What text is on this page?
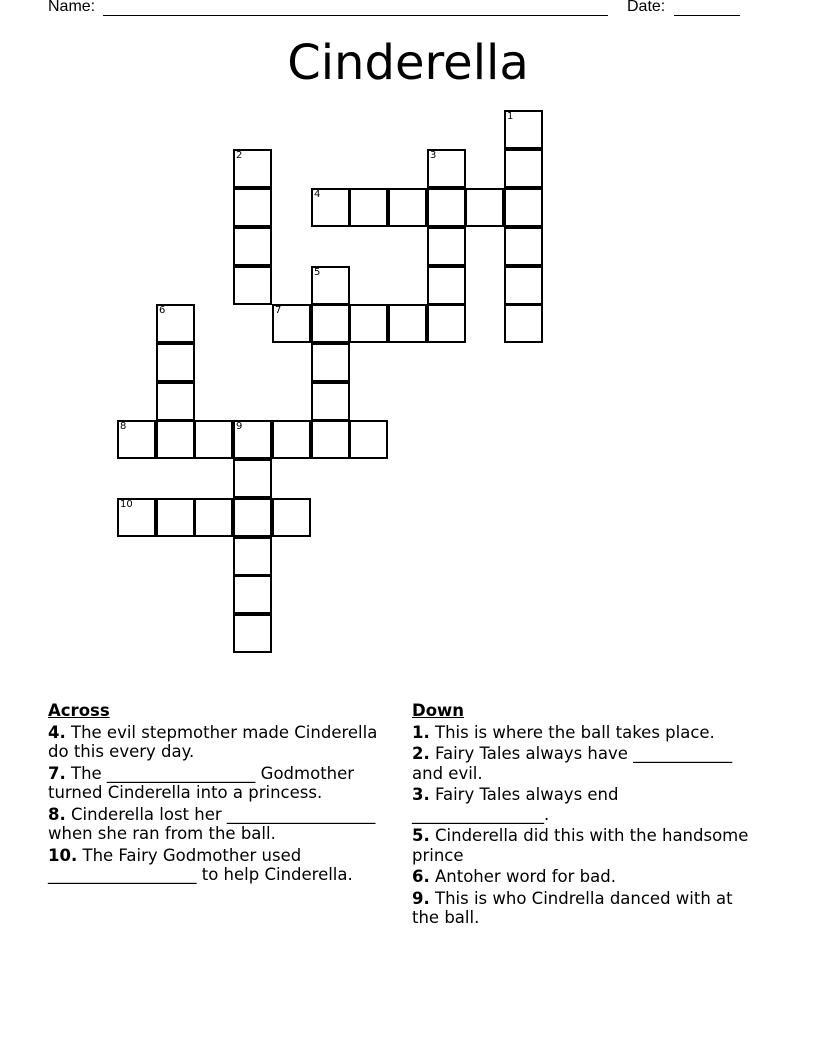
Name:	Date:
Cinderella
1
2	3
4
5
6	7
8	9
10
Across
4. The evil stepmother made Cinderella do this every day.
7. The __________________ Godmother turned Cinderella into a princess.
8. Cinderella lost her __________________ when she ran from the ball.
10. The Fairy Godmother used __________________ to help Cinderella.
Down
1. This is where the ball takes place.
2. Fairy Tales always have ____________ and evil.
3. Fairy Tales always end ________________.
5. Cinderella did this with the handsome prince
6. Antoher word for bad.
9. This is who Cindrella danced with at the ball.
